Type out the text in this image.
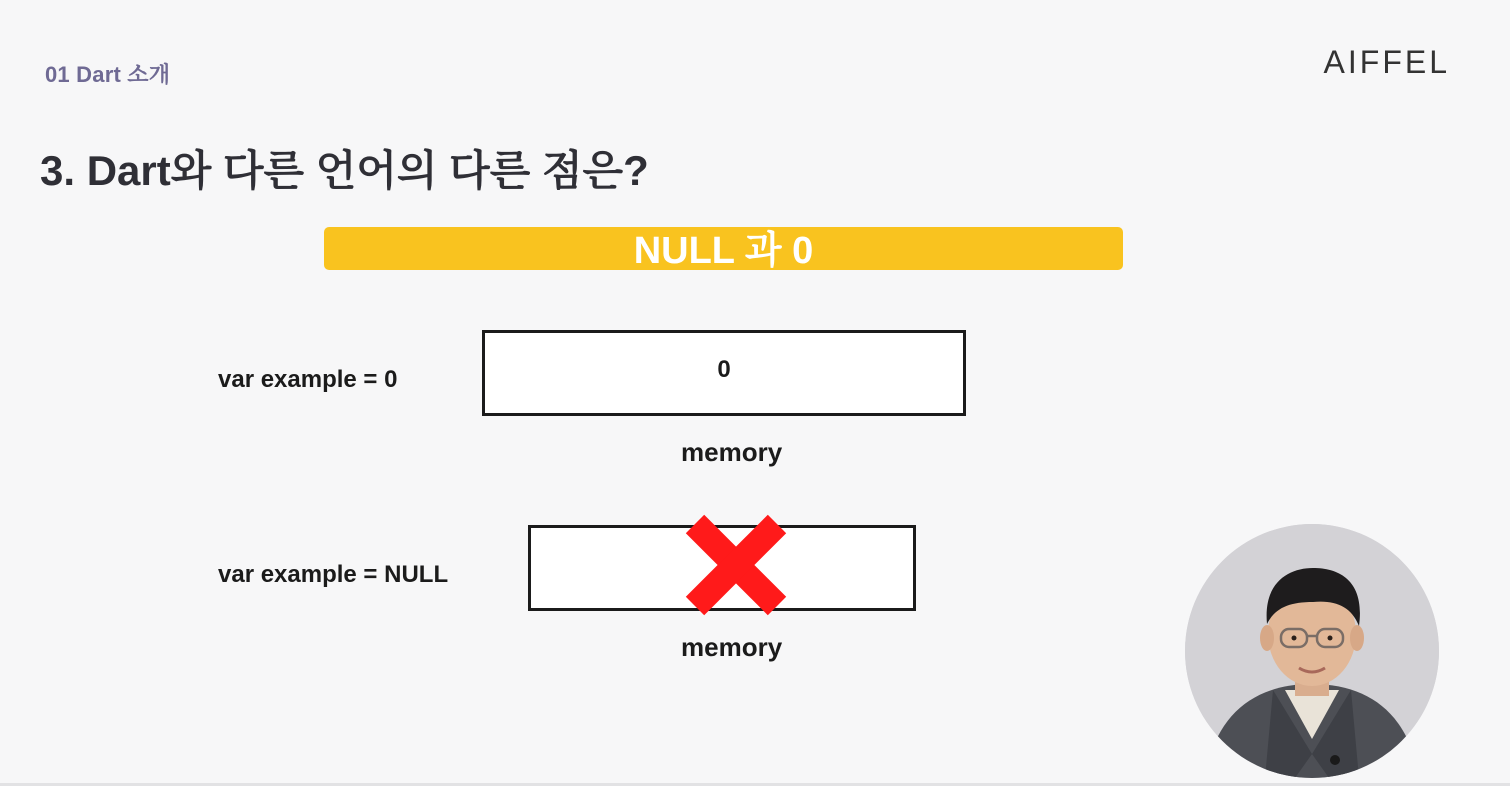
01 Dart 소개	AIFFEL
3. Dart와 다른 언어의 다른 점은?
NULL 과 0
var example = 0	0
memory
var example = NULL
memory
